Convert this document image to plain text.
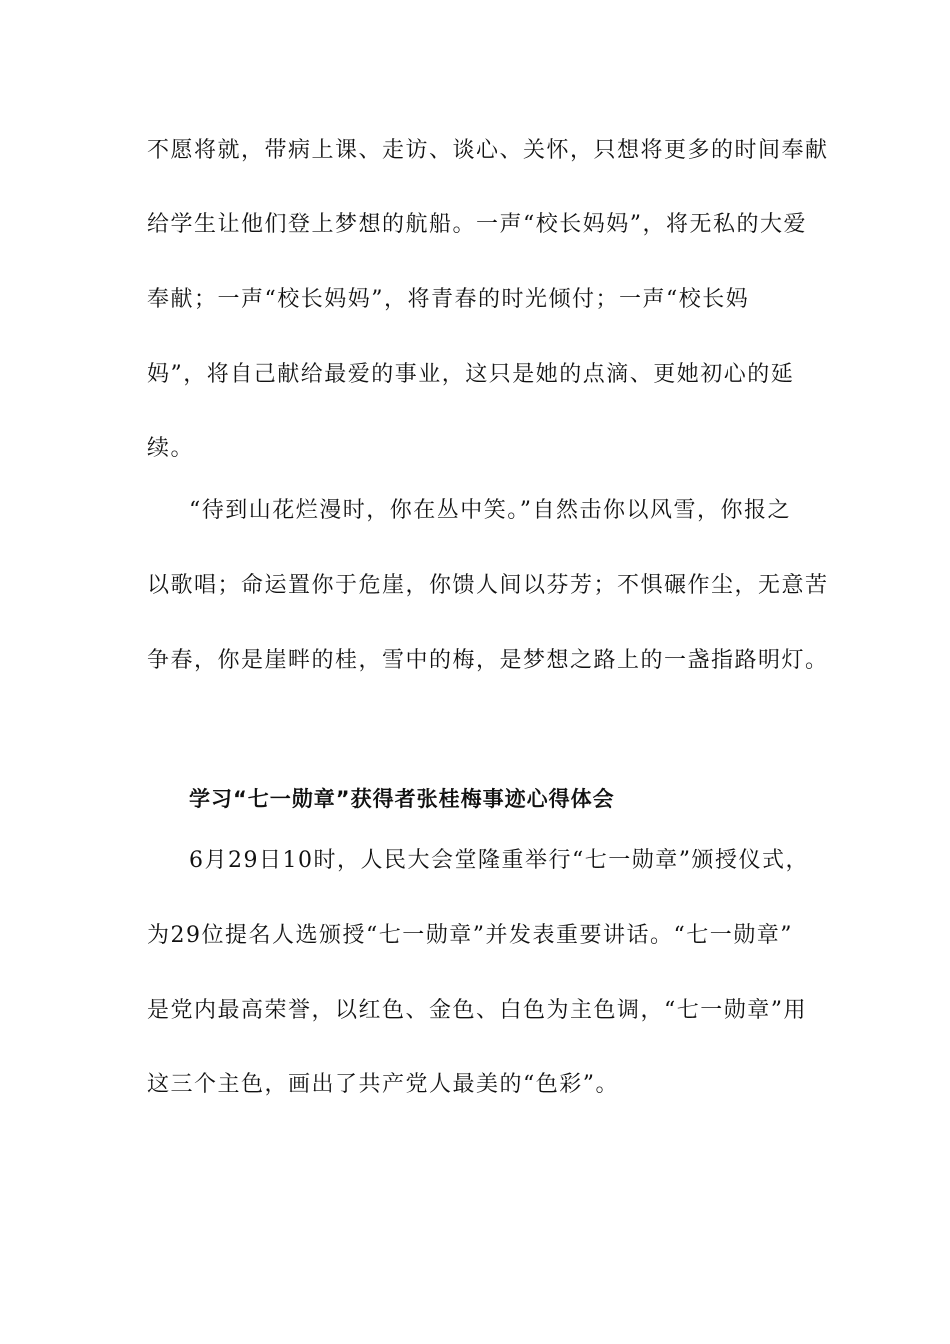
不愿将就，带病上课、走访、谈心、关怀，只想将更多的时间奉献
给学生让他们登上梦想的航船。一声“校长妈妈”，将无私的大爱
奉献；一声“校长妈妈”，将青春的时光倾付；一声“校长妈
妈”，将自己献给最爱的事业，这只是她的点滴、更她初心的延
续。
“待到山花烂漫时，你在丛中笑。”自然击你以风雪，你报之
以歌唱；命运置你于危崖，你馈人间以芬芳；不惧碾作尘，无意苦
争春，你是崖畔的桂，雪中的梅，是梦想之路上的一盏指路明灯。
学习“七一勋章”获得者张桂梅事迹心得体会
6月29日10时，人民大会堂隆重举行“七一勋章”颁授仪式，
为29位提名人选颁授“七一勋章”并发表重要讲话。“七一勋章”
是党内最高荣誉，以红色、金色、白色为主色调，“七一勋章”用
这三个主色，画出了共产党人最美的“色彩”。
